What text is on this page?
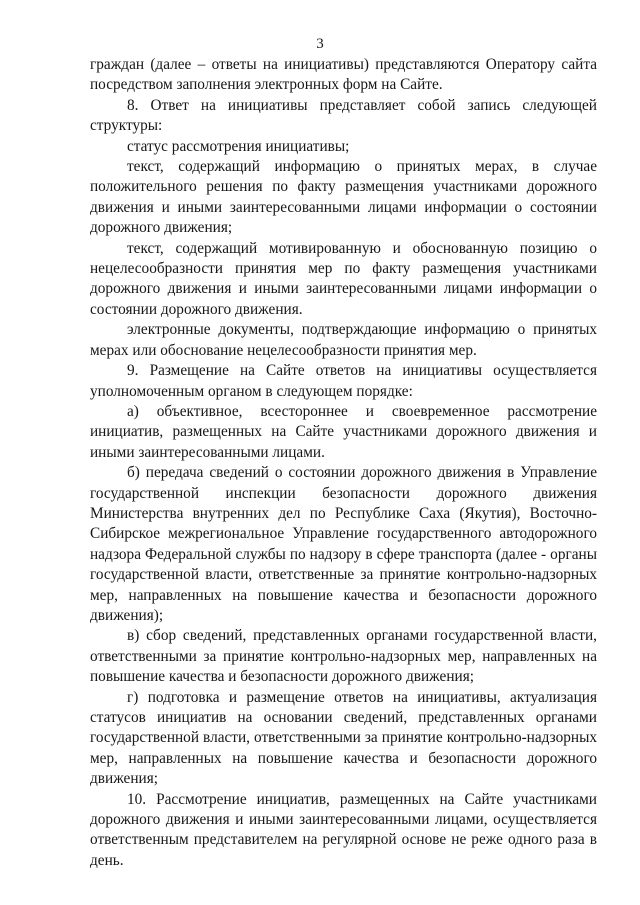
3

граждан (далее – ответы на инициативы) представляются Оператору сайта посредством заполнения электронных форм на Сайте.

8. Ответ на инициативы представляет собой запись следующей структуры:

статус рассмотрения инициативы;

текст, содержащий информацию о принятых мерах, в случае положительного решения по факту размещения участниками дорожного движения и иными заинтересованными лицами информации о состоянии дорожного движения;

текст, содержащий мотивированную и обоснованную позицию о нецелесообразности принятия мер по факту размещения участниками дорожного движения и иными заинтересованными лицами информации о состоянии дорожного движения.

электронные документы, подтверждающие информацию о принятых мерах или обоснование нецелесообразности принятия мер.

9. Размещение на Сайте ответов на инициативы осуществляется уполномоченным органом в следующем порядке:

а) объективное, всестороннее и своевременное рассмотрение инициатив, размещенных на Сайте участниками дорожного движения и иными заинтересованными лицами.

б) передача сведений о состоянии дорожного движения в Управление государственной инспекции безопасности дорожного движения Министерства внутренних дел по Республике Саха (Якутия), Восточно-Сибирское межрегиональное Управление государственного автодорожного надзора Федеральной службы по надзору в сфере транспорта (далее - органы государственной власти, ответственные за принятие контрольно-надзорных мер, направленных на повышение качества и безопасности дорожного движения);

в) сбор сведений, представленных органами государственной власти, ответственными за принятие контрольно-надзорных мер, направленных на повышение качества и безопасности дорожного движения;

г) подготовка и размещение ответов на инициативы, актуализация статусов инициатив на основании сведений, представленных органами государственной власти, ответственными за принятие контрольно-надзорных мер, направленных на повышение качества и безопасности дорожного движения;

10. Рассмотрение инициатив, размещенных на Сайте участниками дорожного движения и иными заинтересованными лицами, осуществляется ответственным представителем на регулярной основе не реже одного раза в день.
